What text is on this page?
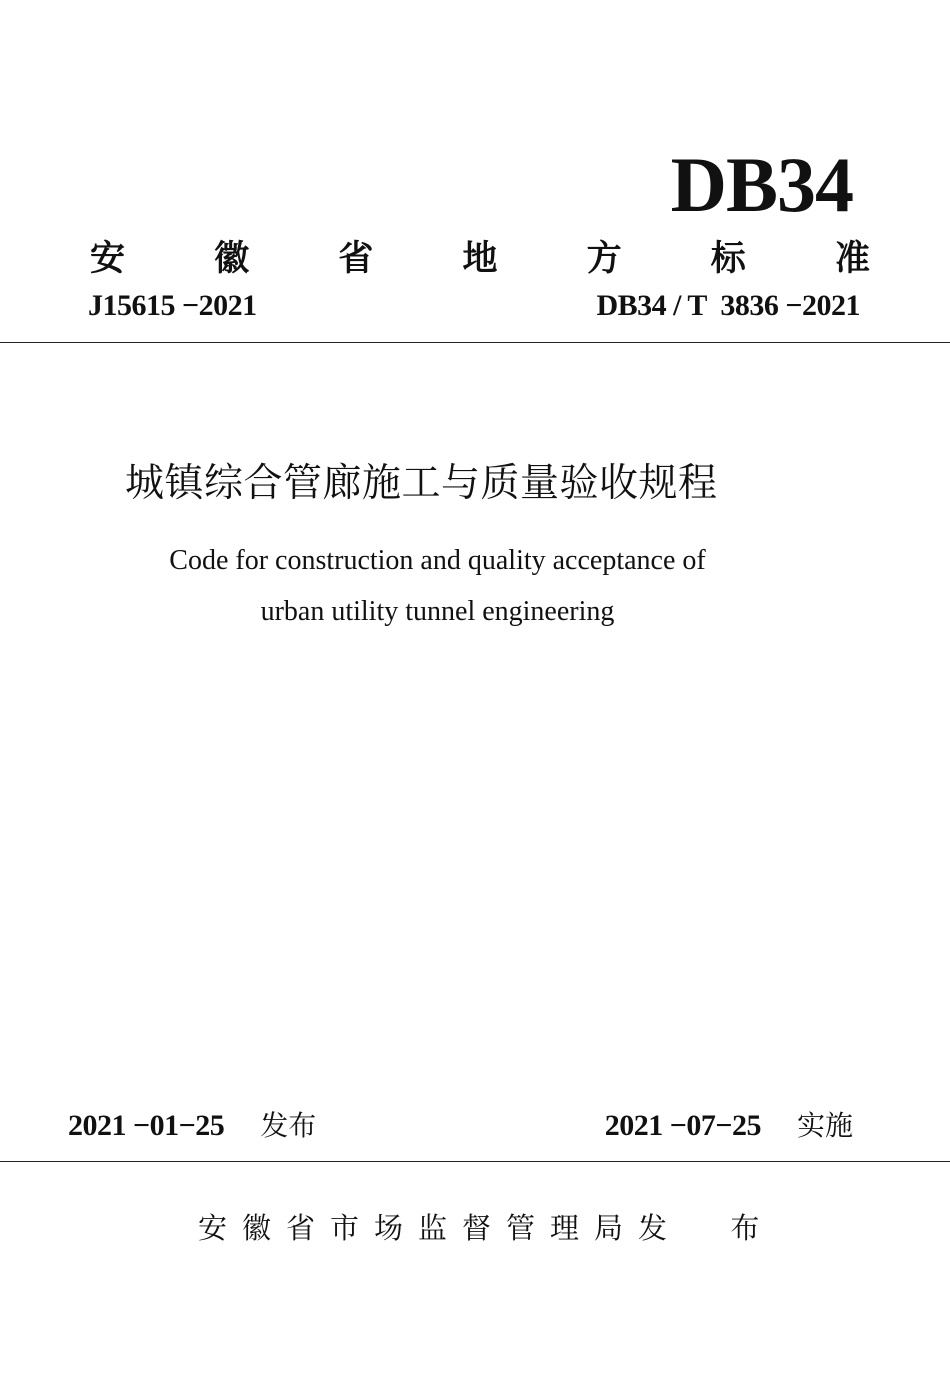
DB34
安	徽	省	地	方	标	准
J15615 −2021	DB34 / T  3836 −2021
城镇综合管廊施工与质量验收规程
Code for construction and quality acceptance of
urban utility tunnel engineering
2021 −01−25 发布	2021 −07−25 实施
安徽省市场监督管理局发  布
